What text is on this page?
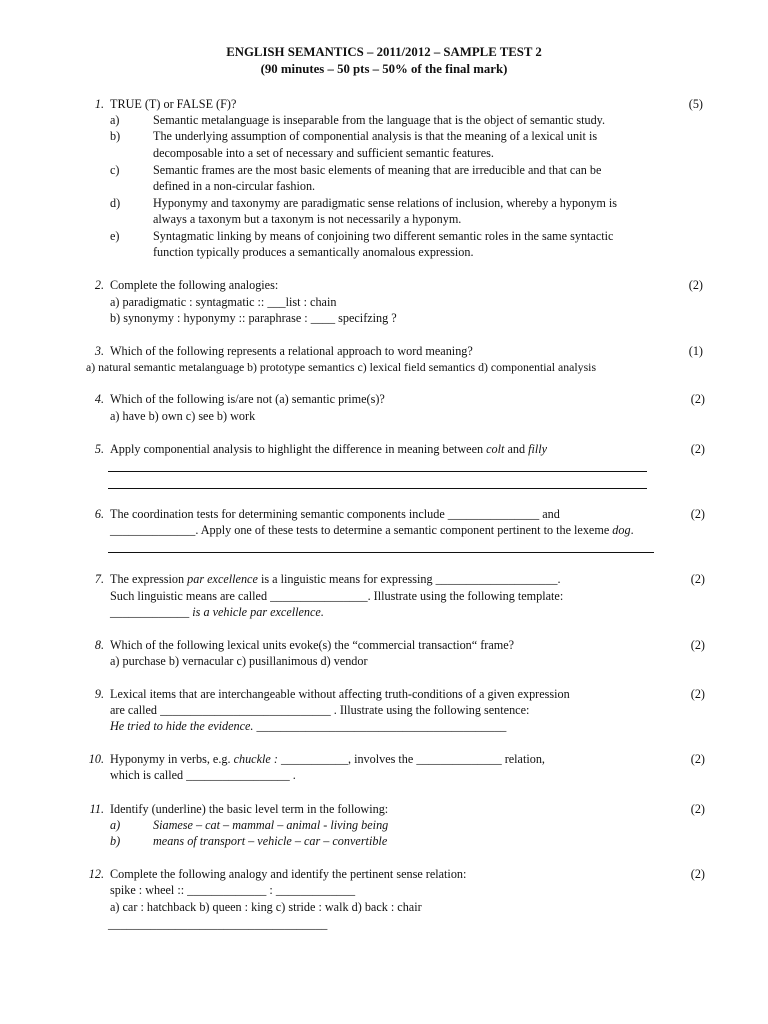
ENGLISH SEMANTICS – 2011/2012 – SAMPLE TEST 2
(90 minutes – 50 pts – 50% of the final mark)
1. TRUE (T) or FALSE (F)?	(5)
a)	Semantic metalanguage is inseparable from the language that is the object of semantic study.
b)	The underlying assumption of componential analysis is that the meaning of a lexical unit is
decomposable into a set of necessary and sufficient semantic features.
c)	Semantic frames are the most basic elements of meaning that are irreducible and that can be
defined in a non-circular fashion.
d)	Hyponymy and taxonymy are paradigmatic sense relations of inclusion, whereby a hyponym is
always a taxonym but a taxonym is not necessarily a hyponym.
e)	Syntagmatic linking by means of conjoining two different semantic roles in the same syntactic
function typically produces a semantically anomalous expression.
2. Complete the following analogies:	(2)
a) paradigmatic : syntagmatic :: ___list : chain
b) synonymy : hyponymy :: paraphrase : ____ specifzing ?
3. Which of the following represents a relational approach to word meaning?	(1)
a) natural semantic metalanguage b) prototype semantics c) lexical field semantics d) componential analysis
4. Which of the following is/are not (a) semantic prime(s)?	(2)
a) have b) own c) see b) work
5. Apply componential analysis to highlight the difference in meaning between colt and filly	(2)
6. The coordination tests for determining semantic components include _______________ and	(2)
______________. Apply one of these tests to determine a semantic component pertinent to the lexeme dog.
7. The expression par excellence is a linguistic means for expressing ____________________.	(2)
Such linguistic means are called ________________. Illustrate using the following template:
_____________ is a vehicle par excellence.
8. Which of the following lexical units evoke(s) the “commercial transaction“ frame?	(2)
a) purchase b) vernacular c) pusillanimous d) vendor
9. Lexical items that are interchangeable without affecting truth-conditions of a given expression	(2)
are called ____________________________ . Illustrate using the following sentence:
He tried to hide the evidence. _________________________________________
10. Hyponymy in verbs, e.g. chuckle : ___________, involves the ______________ relation,	(2)
which is called _________________ .
11. Identify (underline) the basic level term in the following:	(2)
a)	Siamese – cat – mammal – animal - living being
b)	means of transport – vehicle – car – convertible
12. Complete the following analogy and identify the pertinent sense relation:	(2)
spike : wheel :: _____________ : _____________
a) car : hatchback b) queen : king c) stride : walk d) back : chair
____________________________________
